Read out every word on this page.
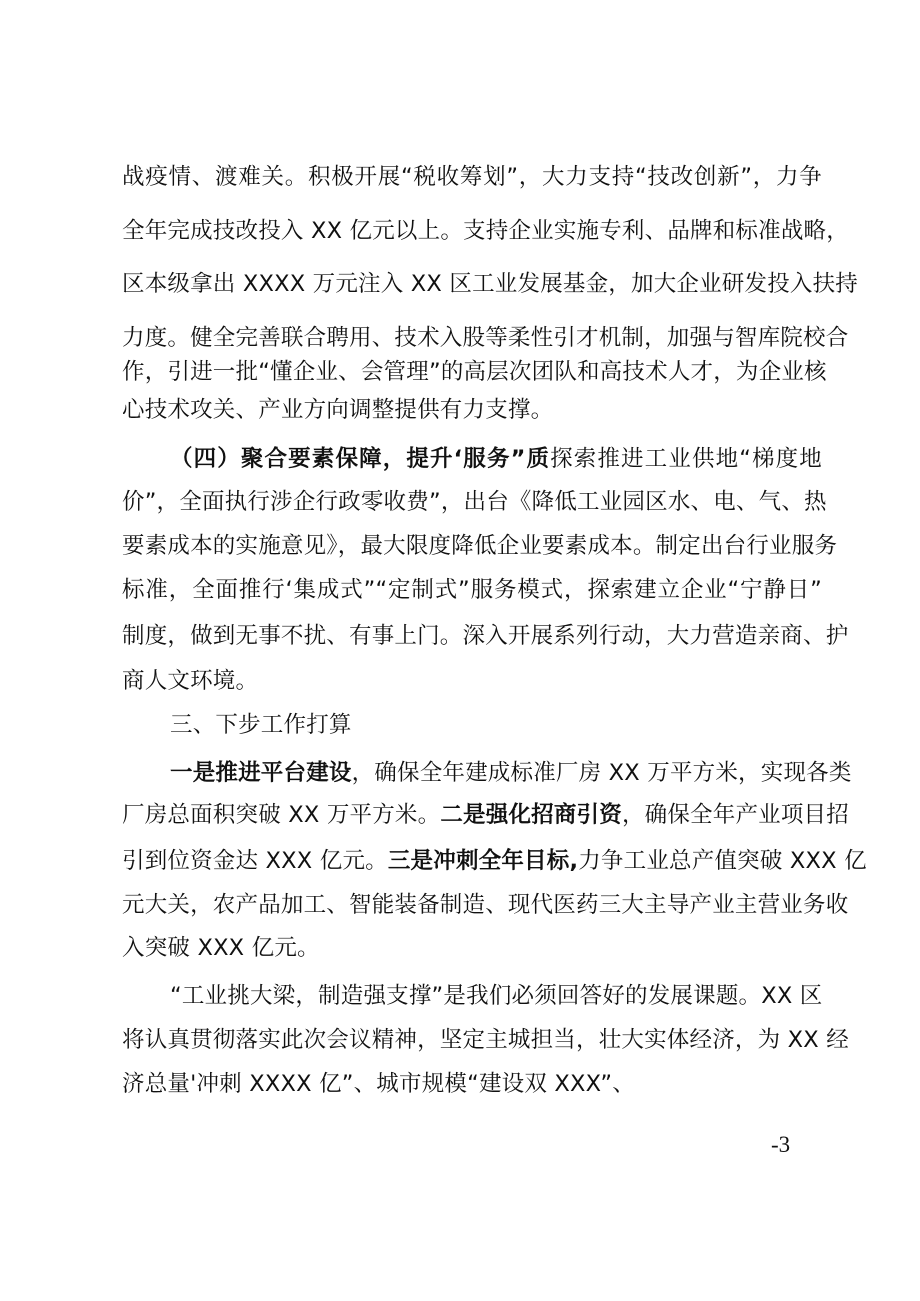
战疫情、渡难关。积极开展“税收筹划”，大力支持“技改创新”，力争
全年完成技改投入 XX 亿元以上。支持企业实施专利、品牌和标准战略，
区本级拿出 XXXX 万元注入 XX 区工业发展基金，加大企业研发投入扶持
力度。健全完善联合聘用、技术入股等柔性引才机制，加强与智库院校合
作，引进一批“懂企业、会管理”的高层次团队和高技术人才，为企业核
心技术攻关、产业方向调整提供有力支撑。
（四）聚合要素保障，提升‘服务”质探索推进工业供地“梯度地
价”，全面执行涉企行政零收费”，出台《降低工业园区水、电、气、热
要素成本的实施意见》，最大限度降低企业要素成本。制定出台行业服务
标准，全面推行‘集成式”“定制式”服务模式，探索建立企业“宁静日”
制度，做到无事不扰、有事上门。深入开展系列行动，大力营造亲商、护
商人文环境。
三、下步工作打算
一是推进平台建设，确保全年建成标准厂房 XX 万平方米，实现各类
厂房总面积突破 XX 万平方米。二是强化招商引资，确保全年产业项目招
引到位资金达 XXX 亿元。三是冲刺全年目标,力争工业总产值突破 XXX 亿
元大关，农产品加工、智能装备制造、现代医药三大主导产业主营业务收
入突破 XXX 亿元。
“工业挑大梁，制造强支撑”是我们必须回答好的发展课题。XX 区
将认真贯彻落实此次会议精神，坚定主城担当，壮大实体经济，为 XX 经
济总量'冲刺 XXXX 亿”、城市规模“建设双 XXX”、
-3
